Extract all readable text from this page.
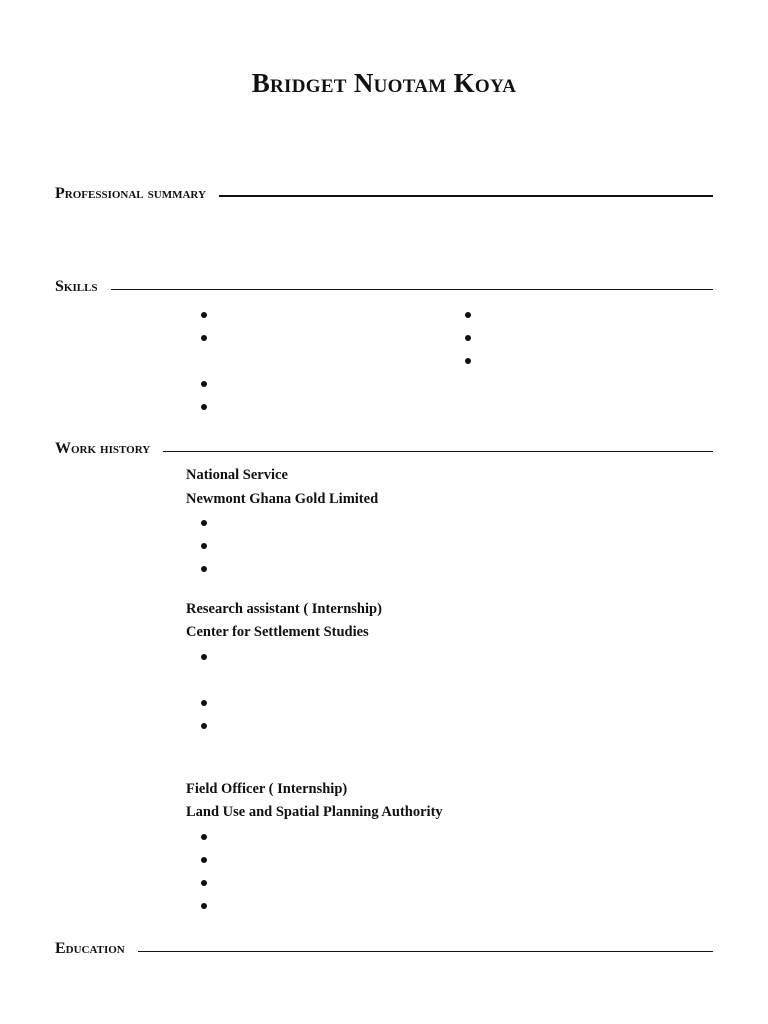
Bridget Nuotam Koya
Professional summary
Skills
Work history
National Service
Newmont Ghana Gold Limited
Research assistant ( Internship)
Center for Settlement Studies
Field Officer ( Internship)
Land Use and Spatial Planning Authority
Education
